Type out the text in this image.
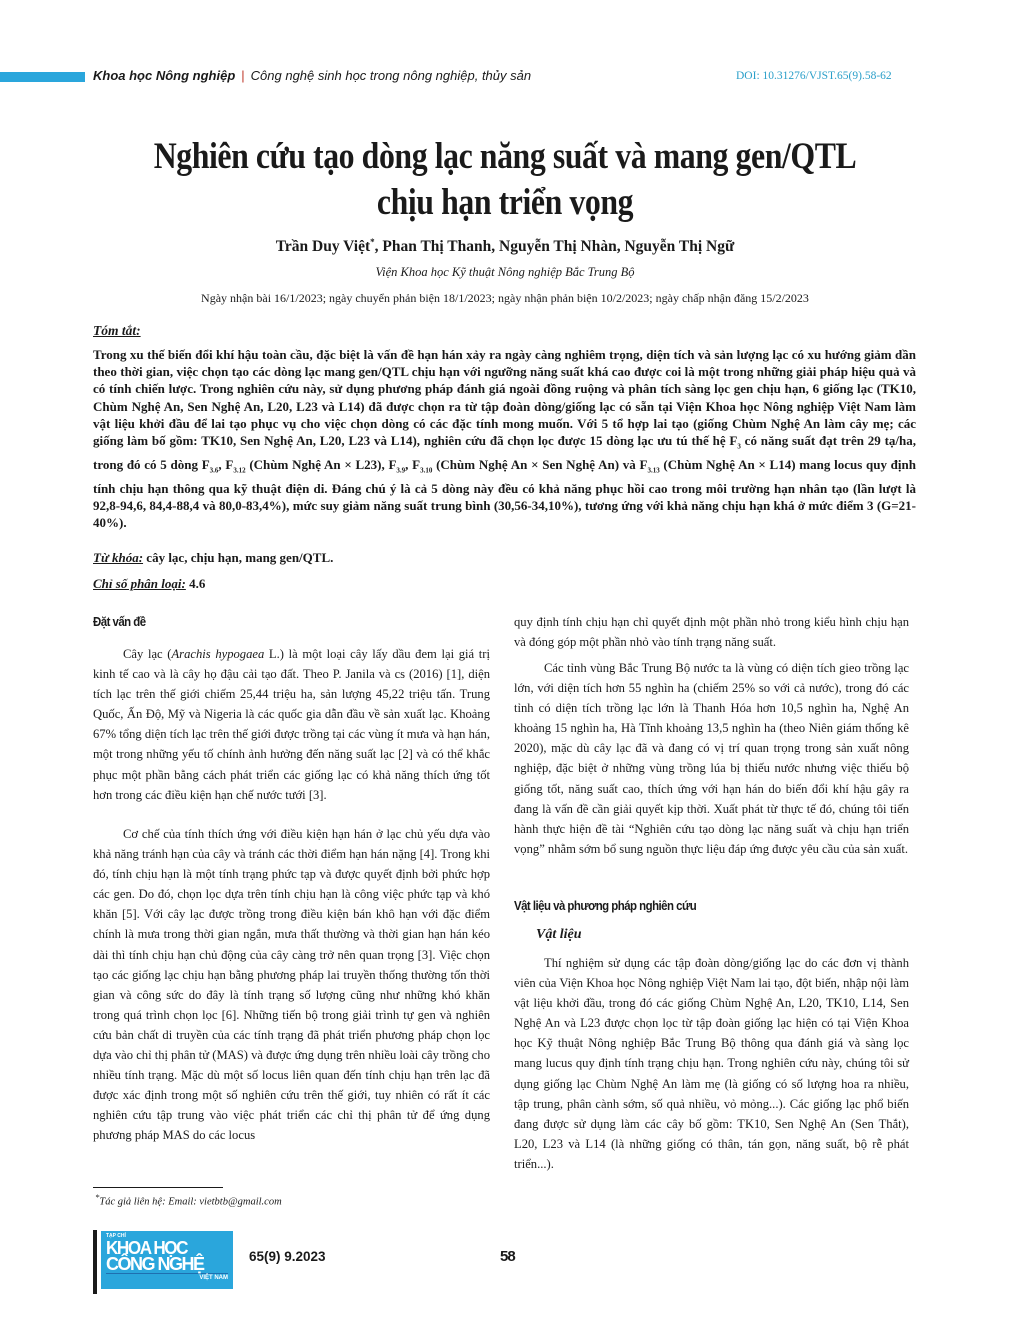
Khoa học Nông nghiệp | Công nghệ sinh học trong nông nghiệp, thủy sản	DOI: 10.31276/VJST.65(9).58-62
Nghiên cứu tạo dòng lạc năng suất và mang gen/QTL
chịu hạn triển vọng
Trần Duy Việt*, Phan Thị Thanh, Nguyễn Thị Nhàn, Nguyễn Thị Ngữ
Viện Khoa học Kỹ thuật Nông nghiệp Bắc Trung Bộ
Ngày nhận bài 16/1/2023; ngày chuyển phản biện 18/1/2023; ngày nhận phản biện 10/2/2023; ngày chấp nhận đăng 15/2/2023
Tóm tắt:
Trong xu thế biến đổi khí hậu toàn cầu, đặc biệt là vấn đề hạn hán xảy ra ngày càng nghiêm trọng, diện tích và sản lượng lạc có xu hướng giảm dần theo thời gian, việc chọn tạo các dòng lạc mang gen/QTL chịu hạn với ngưỡng năng suất khá cao được coi là một trong những giải pháp hiệu quả và có tính chiến lược. Trong nghiên cứu này, sử dụng phương pháp đánh giá ngoài đồng ruộng và phân tích sàng lọc gen chịu hạn, 6 giống lạc (TK10, Chùm Nghệ An, Sen Nghệ An, L20, L23 và L14) đã được chọn ra từ tập đoàn dòng/giống lạc có sẵn tại Viện Khoa học Nông nghiệp Việt Nam làm vật liệu khởi đầu để lai tạo phục vụ cho việc chọn dòng có các đặc tính mong muốn. Với 5 tổ hợp lai tạo (giống Chùm Nghệ An làm cây mẹ; các giống làm bố gồm: TK10, Sen Nghệ An, L20, L23 và L14), nghiên cứu đã chọn lọc được 15 dòng lạc ưu tú thế hệ $F_3$ có năng suất đạt trên 29 tạ/ha, trong đó có 5 dòng $F_{3.6}$, $F_{3.12}$ (Chùm Nghệ An × L23), $F_{3.9}$, $F_{3.10}$ (Chùm Nghệ An × Sen Nghệ An) và $F_{3.13}$ (Chùm Nghệ An × L14) mang locus quy định tính chịu hạn thông qua kỹ thuật điện di. Đáng chú ý là cả 5 dòng này đều có khả năng phục hồi cao trong môi trường hạn nhân tạo (lần lượt là 92,8-94,6, 84,4-88,4 và 80,0-83,4%), mức suy giảm năng suất trung bình (30,56-34,10%), tương ứng với khả năng chịu hạn khá ở mức điểm 3 (G=21-40%).
Từ khóa: cây lạc, chịu hạn, mang gen/QTL.
Chỉ số phân loại: 4.6
Đặt vấn đề
Cây lạc (Arachis hypogaea L.) là một loại cây lấy dầu đem lại giá trị kinh tế cao và là cây họ đậu cải tạo đất. Theo P. Janila và cs (2016) [1], diện tích lạc trên thế giới chiếm 25,44 triệu ha, sản lượng 45,22 triệu tấn. Trung Quốc, Ấn Độ, Mỹ và Nigeria là các quốc gia dẫn đầu về sản xuất lạc. Khoảng 67% tổng diện tích lạc trên thế giới được trồng tại các vùng ít mưa và hạn hán, một trong những yếu tố chính ảnh hưởng đến năng suất lạc [2] và có thể khắc phục một phần bằng cách phát triển các giống lạc có khả năng thích ứng tốt hơn trong các điều kiện hạn chế nước tưới [3].
Cơ chế của tính thích ứng với điều kiện hạn hán ở lạc chủ yếu dựa vào khả năng tránh hạn của cây và tránh các thời điểm hạn hán nặng [4]. Trong khi đó, tính chịu hạn là một tính trạng phức tạp và được quyết định bởi phức hợp các gen. Do đó, chọn lọc dựa trên tính chịu hạn là công việc phức tạp và khó khăn [5]. Với cây lạc được trồng trong điều kiện bán khô hạn với đặc điểm chính là mưa trong thời gian ngắn, mưa thất thường và thời gian hạn hán kéo dài thì tính chịu hạn chủ động của cây càng trở nên quan trọng [3]. Việc chọn tạo các giống lạc chịu hạn bằng phương pháp lai truyền thống thường tốn thời gian và công sức do đây là tính trạng số lượng cũng như những khó khăn trong quá trình chọn lọc [6]. Những tiến bộ trong giải trình tự gen và nghiên cứu bản chất di truyền của các tính trạng đã phát triển phương pháp chọn lọc dựa vào chỉ thị phân tử (MAS) và được ứng dụng trên nhiều loài cây trồng cho nhiều tính trạng. Mặc dù một số locus liên quan đến tính chịu hạn trên lạc đã được xác định trong một số nghiên cứu trên thế giới, tuy nhiên có rất ít các nghiên cứu tập trung vào việc phát triển các chỉ thị phân tử để ứng dụng phương pháp MAS do các locus
quy định tính chịu hạn chỉ quyết định một phần nhỏ trong kiểu hình chịu hạn và đóng góp một phần nhỏ vào tính trạng năng suất.
Các tỉnh vùng Bắc Trung Bộ nước ta là vùng có diện tích gieo trồng lạc lớn, với diện tích hơn 55 nghìn ha (chiếm 25% so với cả nước), trong đó các tỉnh có diện tích trồng lạc lớn là Thanh Hóa hơn 10,5 nghìn ha, Nghệ An khoảng 15 nghìn ha, Hà Tĩnh khoảng 13,5 nghìn ha (theo Niên giám thống kê 2020), mặc dù cây lạc đã và đang có vị trí quan trọng trong sản xuất nông nghiệp, đặc biệt ở những vùng trồng lúa bị thiếu nước nhưng việc thiếu bộ giống tốt, năng suất cao, thích ứng với hạn hán do biến đổi khí hậu gây ra đang là vấn đề cần giải quyết kịp thời. Xuất phát từ thực tế đó, chúng tôi tiến hành thực hiện đề tài “Nghiên cứu tạo dòng lạc năng suất và chịu hạn triển vọng” nhằm sớm bổ sung nguồn thực liệu đáp ứng được yêu cầu của sản xuất.
Vật liệu và phương pháp nghiên cứu
Vật liệu
Thí nghiệm sử dụng các tập đoàn dòng/giống lạc do các đơn vị thành viên của Viện Khoa học Nông nghiệp Việt Nam lai tạo, đột biến, nhập nội làm vật liệu khởi đầu, trong đó các giống Chùm Nghệ An, L20, TK10, L14, Sen Nghệ An và L23 được chọn lọc từ tập đoàn giống lạc hiện có tại Viện Khoa học Kỹ thuật Nông nghiệp Bắc Trung Bộ thông qua đánh giá và sàng lọc mang lucus quy định tính trạng chịu hạn. Trong nghiên cứu này, chúng tôi sử dụng giống lạc Chùm Nghệ An làm mẹ (là giống có số lượng hoa ra nhiều, tập trung, phân cành sớm, số quả nhiều, vỏ mỏng...). Các giống lạc phổ biến đang được sử dụng làm các cây bố gồm: TK10, Sen Nghệ An (Sen Thắt), L20, L23 và L14 (là những giống có thân, tán gọn, năng suất, bộ rễ phát triển...).
*Tác giả liên hệ: Email: vietbtb@gmail.com
TẠP CHÍ
KHOA HỌC
CÔNG NGHỆ
VIỆT NAM
65(9) 9.2023	58
